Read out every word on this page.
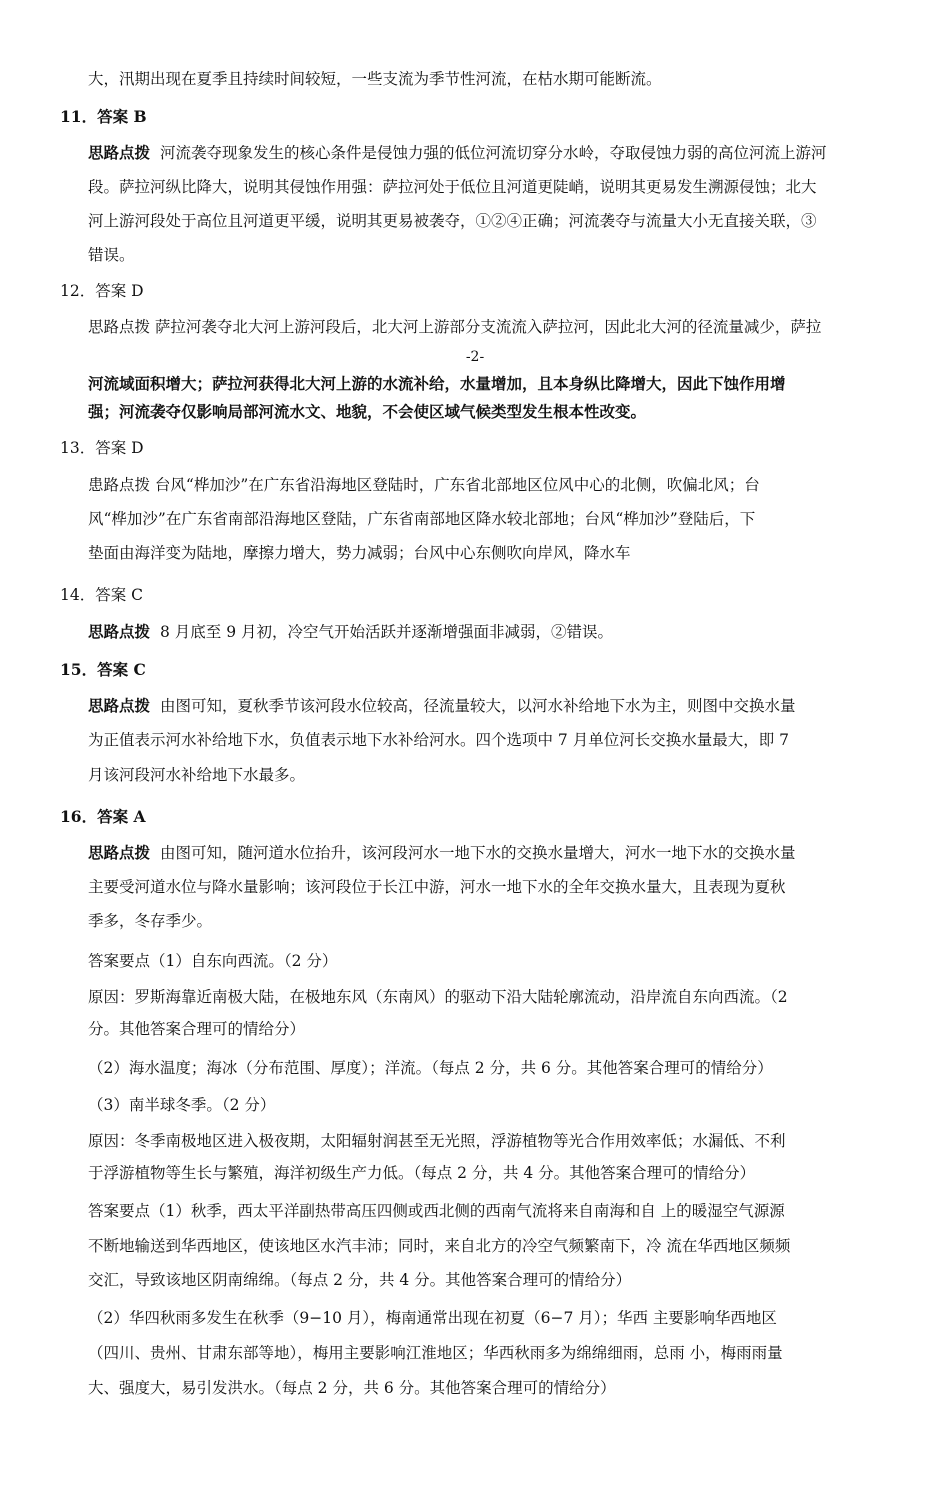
大，汛期出现在夏季且持续时间较短，一些支流为季节性河流，在枯水期可能断流。
11．答案 B
思路点拨 河流袭夺现象发生的核心条件是侵蚀力强的低位河流切穿分水岭，夺取侵蚀力弱的高位河流上游河
段。萨拉河纵比降大，说明其侵蚀作用强：萨拉河处于低位且河道更陡峭，说明其更易发生溯源侵蚀；北大
河上游河段处于高位且河道更平缓，说明其更易被袭夺，①②④正确；河流袭夺与流量大小无直接关联，③
错误。
12．答案 D
思路点拨 萨拉河袭夺北大河上游河段后，北大河上游部分支流流入萨拉河，因此北大河的径流量减少，萨拉
-2-
河流域面积增大；萨拉河获得北大河上游的水流补给，水量增加，且本身纵比降增大，因此下蚀作用增
强；河流袭夺仅影响局部河流水文、地貌，不会使区域气候类型发生根本性改变。
13．答案 D
患路点拨 台风“桦加沙”在广东省沿海地区登陆时，广东省北部地区位风中心的北侧，吹偏北风；台
风“桦加沙”在广东省南部沿海地区登陆，广东省南部地区降水较北部地；台风“桦加沙”登陆后，下
垫面由海洋变为陆地，摩擦力增大，势力减弱；台风中心东侧吹向岸风，降水车
14．答案 C
思路点拨 8 月底至 9 月初，冷空气开始活跃并逐渐增强面非减弱，②错误。
15．答案 C
思路点拨 由图可知，夏秋季节该河段水位较高，径流量较大，以河水补给地下水为主，则图中交换水量
为正值表示河水补给地下水，负值表示地下水补给河水。四个选项中 7 月单位河长交换水量最大，即 7
月该河段河水补给地下水最多。
16．答案 A
思路点拨 由图可知，随河道水位抬升，该河段河水一地下水的交换水量增大，河水一地下水的交换水量
主要受河道水位与降水量影响；该河段位于长江中游，河水一地下水的全年交换水量大，且表现为夏秋
季多，冬存季少。
答案要点（1）自东向西流。（2 分）
原因：罗斯海靠近南极大陆，在极地东风（东南风）的驱动下沿大陆轮廓流动，沿岸流自东向西流。（2
分。其他答案合理可的情给分）
（2）海水温度；海冰（分布范围、厚度）；洋流。（每点 2 分，共 6 分。其他答案合理可的情给分）
（3）南半球冬季。（2 分）
原因：冬季南极地区进入极夜期，太阳辐射润甚至无光照，浮游植物等光合作用效率低；水漏低、不利
于浮游植物等生长与繁殖，海洋初级生产力低。（每点 2 分，共 4 分。其他答案合理可的情给分）
答案要点（1）秋季，西太平洋副热带高压四侧或西北侧的西南气流将来自南海和自 上的暖湿空气源源
不断地输送到华西地区，使该地区水汽丰沛；同时，来自北方的冷空气频繁南下，冷 流在华西地区频频
交汇，导致该地区阴南绵绵。（每点 2 分，共 4 分。其他答案合理可的情给分）
（2）华四秋雨多发生在秋季（9−10 月），梅南通常出现在初夏（6−7 月）；华西 主要影响华西地区
（四川、贵州、甘肃东部等地），梅用主要影响江淮地区；华西秋雨多为绵绵细雨，总雨 小，梅雨雨量
大、强度大，易引发洪水。（每点 2 分，共 6 分。其他答案合理可的情给分）
